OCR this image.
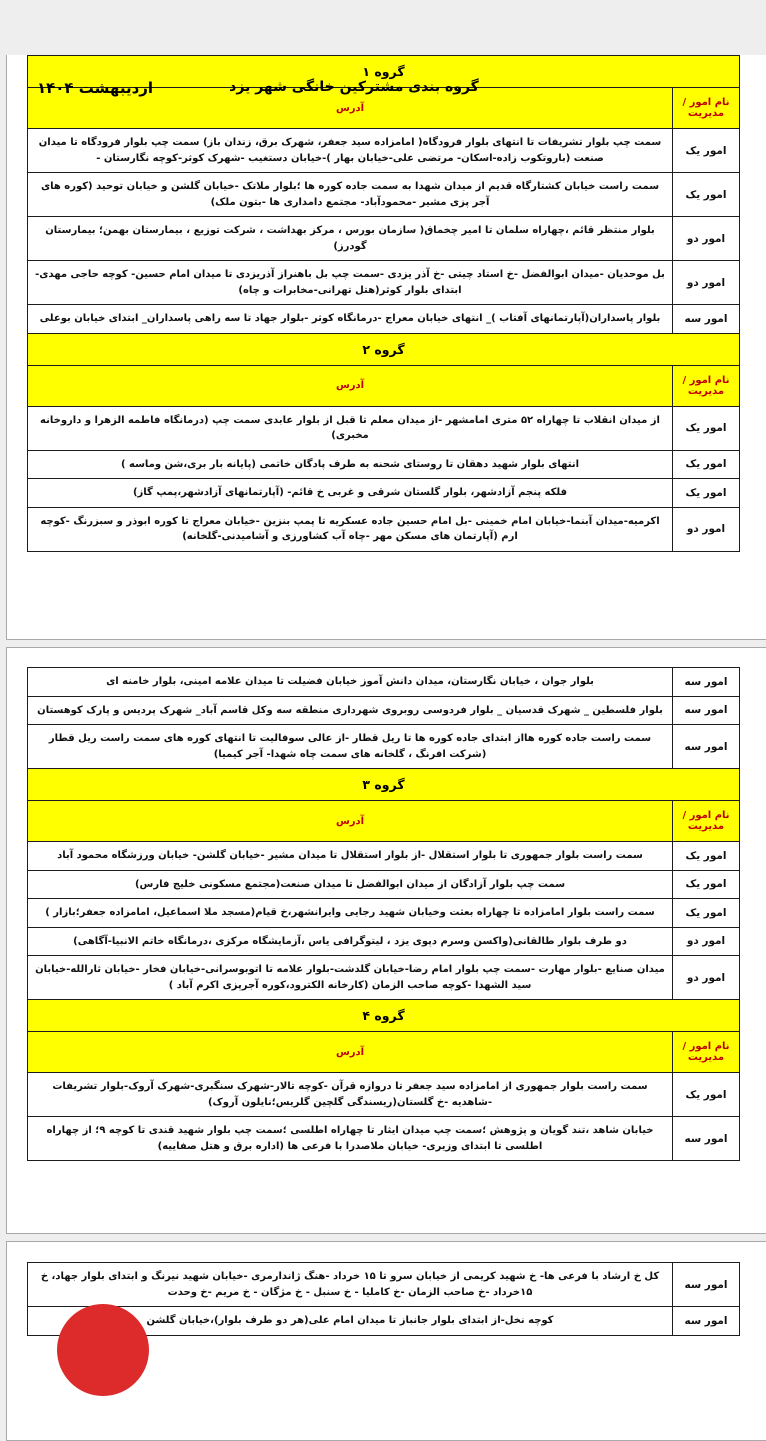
گروه بندی مشترکین خانگی شهر یزد
اردیبهشت ۱۴۰۴
گروه ۱	
نام امور /مدیریت	آدرس
امور یک	سمت چپ بلوار تشریفات تا انتهای بلوار فرودگاه( امامزاده سید جعفر، شهرک برق، زندان باز) سمت چپ بلوار فرودگاه تا میدان صنعت (باروتکوب زاده-اسکان- مرتضی علی-خیابان بهار )-خیابان دستغیب -شهرک کوثر-کوچه نگارستان -
امور یک	سمت راست خیابان کشتارگاه قدیم از میدان شهدا به سمت جاده کوره ها ؛بلوار ملاتک -خیابان گلشن و خیابان توحید (کوره های آجر پزی مشیر -محمودآباد- مجتمع دامداری ها -بتون ملک)
امور دو	بلوار منتظر قائم ،چهاراه سلمان تا امیر چخماق( سازمان بورس ، مرکز بهداشت ، شرکت توزیع ، بیمارستان بهمن؛ بیمارستان گودرز)
امور دو	بل موحدیان -میدان ابوالفضل -خ استاد چیتی -خ آذر یزدی -سمت چپ بل باهنراز آذریزدی تا میدان امام حسین- کوچه حاجی مهدی- ابتدای بلوار کوثر(هتل تهرانی-مخابرات و چاه)
امور سه	بلوار پاسداران(آپارتمانهای آفتاب )_ انتهای خیابان معراج -درمانگاه کوثر -بلوار جهاد تا سه راهی پاسداران_ ابتدای خیابان بوعلی
گروه ۲	
نام امور /مدیریت	آدرس
امور یک	از میدان انقلاب تا چهاراه ۵۲ متری امامشهر -از میدان معلم تا قبل از بلوار عابدی سمت چپ (درمانگاه فاطمه الزهرا و داروخانه مخبری)
امور یک	انتهای بلوار شهید دهقان تا روستای شحنه به طرف پادگان خاتمی (پایانه بار بری،شن وماسه )
امور یک	فلکه پنجم آزادشهر، بلوار گلستان شرقی و غربی خ قائم- (آپارتمانهای آزادشهر،پمپ گاز)
امور دو	اکرمیه-میدان آبنما-خیابان امام خمینی -بل امام حسین جاده عسکریه تا پمپ بنزین -خیابان معراج تا کوره ابوذر و سبزرنگ -کوچه ارم (آپارتمان های مسکن مهر -چاه آب کشاورزی و آشامیدنی-گلخانه)
امور سه	بلوار جوان ، خیابان نگارستان، میدان دانش آموز خیابان فضیلت تا میدان علامه امینی، بلوار خامنه ای
امور سه	بلوار فلسطین _ شهرک قدسیان _ بلوار فردوسی روبروی شهرداری منطقه سه وکل قاسم آباد_ شهرک پردیس و پارک کوهستان
امور سه	سمت راست جاده کوره هااز ابتدای جاده کوره ها تا ریل قطار -از عالی سوفالیت تا انتهای کوره های سمت راست ریل قطار (شرکت افرنگ ، گلخانه های سمت چاه شهدا- آجر کیمیا)
گروه ۳	
نام امور /مدیریت	آدرس
امور یک	سمت راست بلوار جمهوری تا بلوار استقلال -از بلوار استقلال تا میدان مشیر -خیابان گلشن- خیابان ورزشگاه محمود آباد
امور یک	سمت چپ بلوار آزادگان از میدان ابوالفضل تا میدان صنعت(مجتمع مسکونی خلیج فارس)
امور یک	سمت راست بلوار امامزاده تا چهاراه بعثت وخیابان شهید رجایی وایرانشهر،خ قیام(مسجد ملا اسماعیل، امامزاده جعفر؛بازار )
امور دو	دو طرف بلوار طالقانی(واکسن وسرم دپوی یزد ، لیتوگرافی یاس ،آزمایشگاه مرکزی ،درمانگاه خاتم الانبیا-آگاهی)
امور دو	میدان صنایع -بلوار مهارت -سمت چپ بلوار امام رضا-خیابان گلدشت-بلوار علامه تا اتوبوسرانی-خیابان فخار -خیابان ثارالله-خیابان سید الشهدا -کوچه صاحب الزمان (کارخانه الکترود،کوره آجرپزی اکرم آباد )
گروه ۴	
نام امور /مدیریت	آدرس
امور یک	سمت راست بلوار جمهوری از امامزاده سید جعفر تا دروازه قرآن -کوچه تالار-شهرک سنگبری-شهرک آروک-بلوار تشریفات -شاهدیه -خ گلستان(ریسندگی گلچین گلریس؛نایلون آروک)
امور سه	خیابان شاهد ،تند گویان و پژوهش ؛سمت چپ میدان ایثار تا چهاراه اطلسی ؛سمت چپ بلوار شهید قندی تا کوچه ۹؛ از چهاراه اطلسی تا ابتدای وزیری- خیابان ملاصدرا با فرعی ها (اداره برق و هتل صفاییه)
امور سه	کل خ ارشاد با فرعی ها- خ شهید کریمی از خیابان سرو تا ۱۵ خرداد -هنگ ژاندارمری -خیابان شهید نیرنگ و ابتدای بلوار جهاد، خ ۱۵خرداد -خ صاحب الزمان -خ کاملیا - خ سنبل - خ مژگان - خ مریم -خ وحدت
امور سه	کوچه نخل-از ابتدای بلوار جانباز تا میدان امام علی(هر دو طرف بلوار)،خیابان گلشن
